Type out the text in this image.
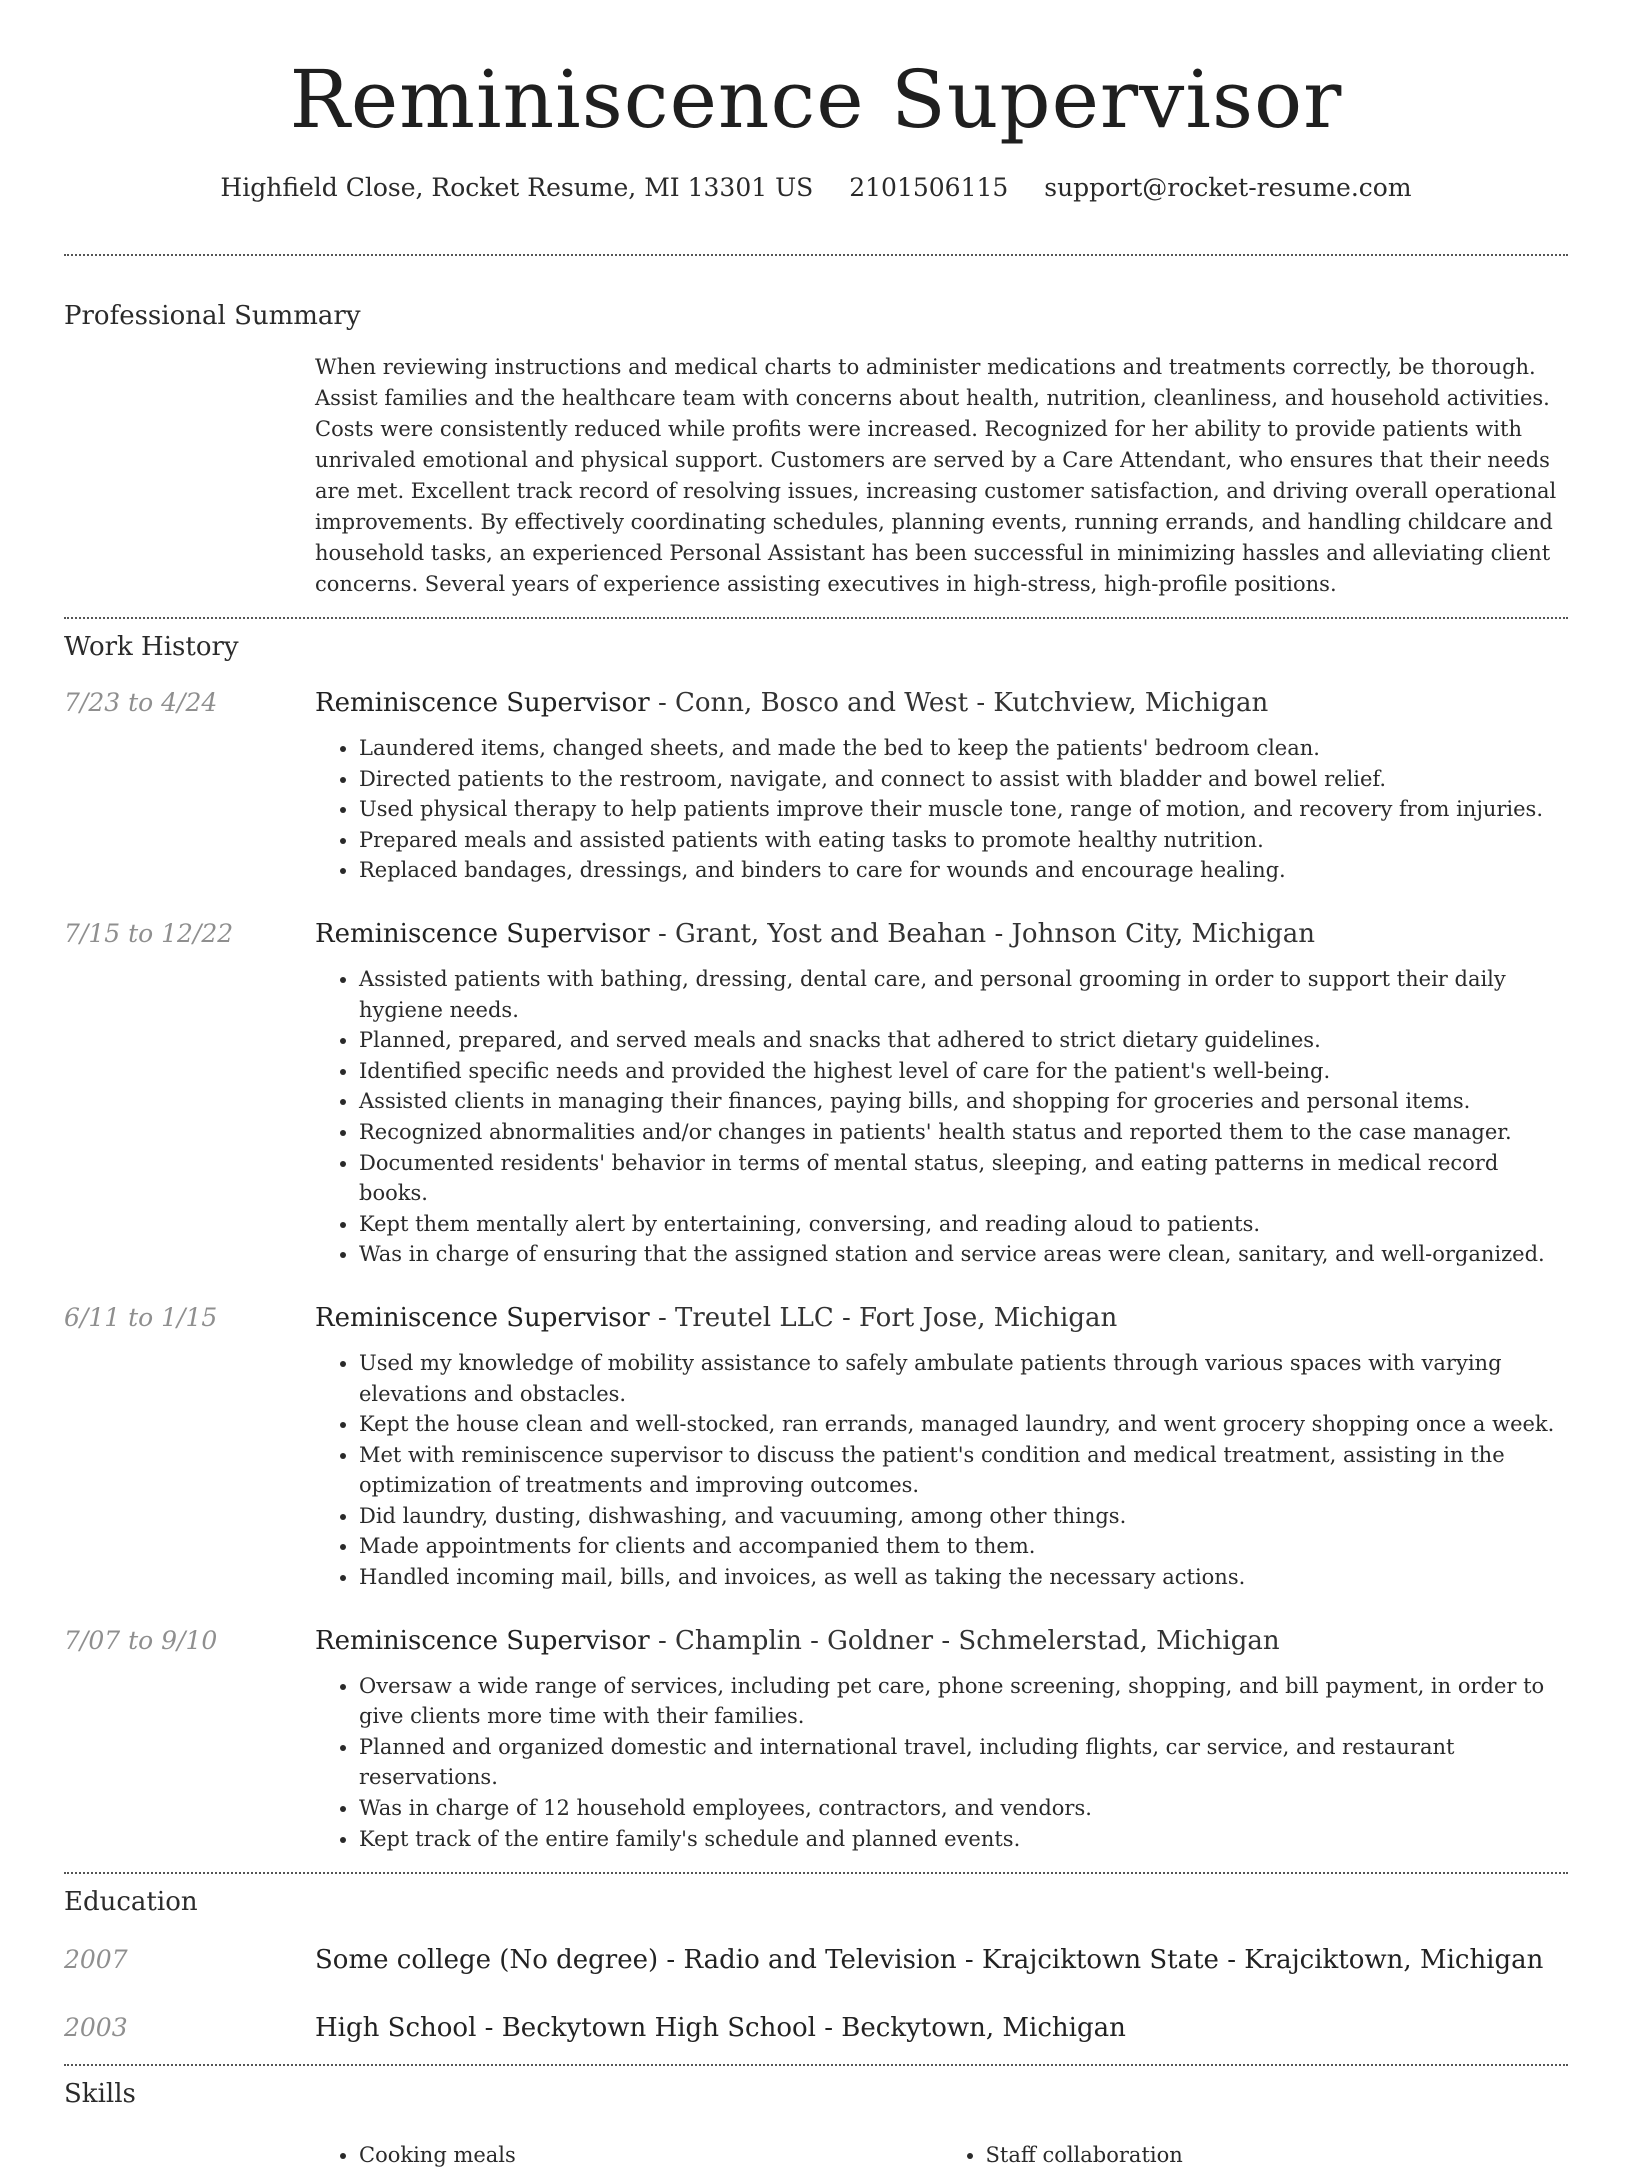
Reminiscence Supervisor
Highfield Close, Rocket Resume, MI 13301 US 2101506115 support@rocket-resume.com
Professional Summary
When reviewing instructions and medical charts to administer medications and treatments correctly, be thorough. Assist families and the healthcare team with concerns about health, nutrition, cleanliness, and household activities. Costs were consistently reduced while profits were increased. Recognized for her ability to provide patients with unrivaled emotional and physical support. Customers are served by a Care Attendant, who ensures that their needs are met. Excellent track record of resolving issues, increasing customer satisfaction, and driving overall operational improvements. By effectively coordinating schedules, planning events, running errands, and handling childcare and household tasks, an experienced Personal Assistant has been successful in minimizing hassles and alleviating client concerns. Several years of experience assisting executives in high-stress, high-profile positions.
Work History
7/23 to 4/24	Reminiscence Supervisor - Conn, Bosco and West - Kutchview, Michigan
• Laundered items, changed sheets, and made the bed to keep the patients' bedroom clean.
• Directed patients to the restroom, navigate, and connect to assist with bladder and bowel relief.
• Used physical therapy to help patients improve their muscle tone, range of motion, and recovery from injuries.
• Prepared meals and assisted patients with eating tasks to promote healthy nutrition.
• Replaced bandages, dressings, and binders to care for wounds and encourage healing.
7/15 to 12/22	Reminiscence Supervisor - Grant, Yost and Beahan - Johnson City, Michigan
• Assisted patients with bathing, dressing, dental care, and personal grooming in order to support their daily hygiene needs.
• Planned, prepared, and served meals and snacks that adhered to strict dietary guidelines.
• Identified specific needs and provided the highest level of care for the patient's well-being.
• Assisted clients in managing their finances, paying bills, and shopping for groceries and personal items.
• Recognized abnormalities and/or changes in patients' health status and reported them to the case manager.
• Documented residents' behavior in terms of mental status, sleeping, and eating patterns in medical record books.
• Kept them mentally alert by entertaining, conversing, and reading aloud to patients.
• Was in charge of ensuring that the assigned station and service areas were clean, sanitary, and well-organized.
6/11 to 1/15	Reminiscence Supervisor - Treutel LLC - Fort Jose, Michigan
• Used my knowledge of mobility assistance to safely ambulate patients through various spaces with varying elevations and obstacles.
• Kept the house clean and well-stocked, ran errands, managed laundry, and went grocery shopping once a week.
• Met with reminiscence supervisor to discuss the patient's condition and medical treatment, assisting in the optimization of treatments and improving outcomes.
• Did laundry, dusting, dishwashing, and vacuuming, among other things.
• Made appointments for clients and accompanied them to them.
• Handled incoming mail, bills, and invoices, as well as taking the necessary actions.
7/07 to 9/10	Reminiscence Supervisor - Champlin - Goldner - Schmelerstad, Michigan
• Oversaw a wide range of services, including pet care, phone screening, shopping, and bill payment, in order to give clients more time with their families.
• Planned and organized domestic and international travel, including flights, car service, and restaurant reservations.
• Was in charge of 12 household employees, contractors, and vendors.
• Kept track of the entire family's schedule and planned events.
Education
2007	Some college (No degree) - Radio and Television - Krajciktown State - Krajciktown, Michigan
2003	High School - Beckytown High School - Beckytown, Michigan
Skills
• Cooking meals
•	Staff collaboration
